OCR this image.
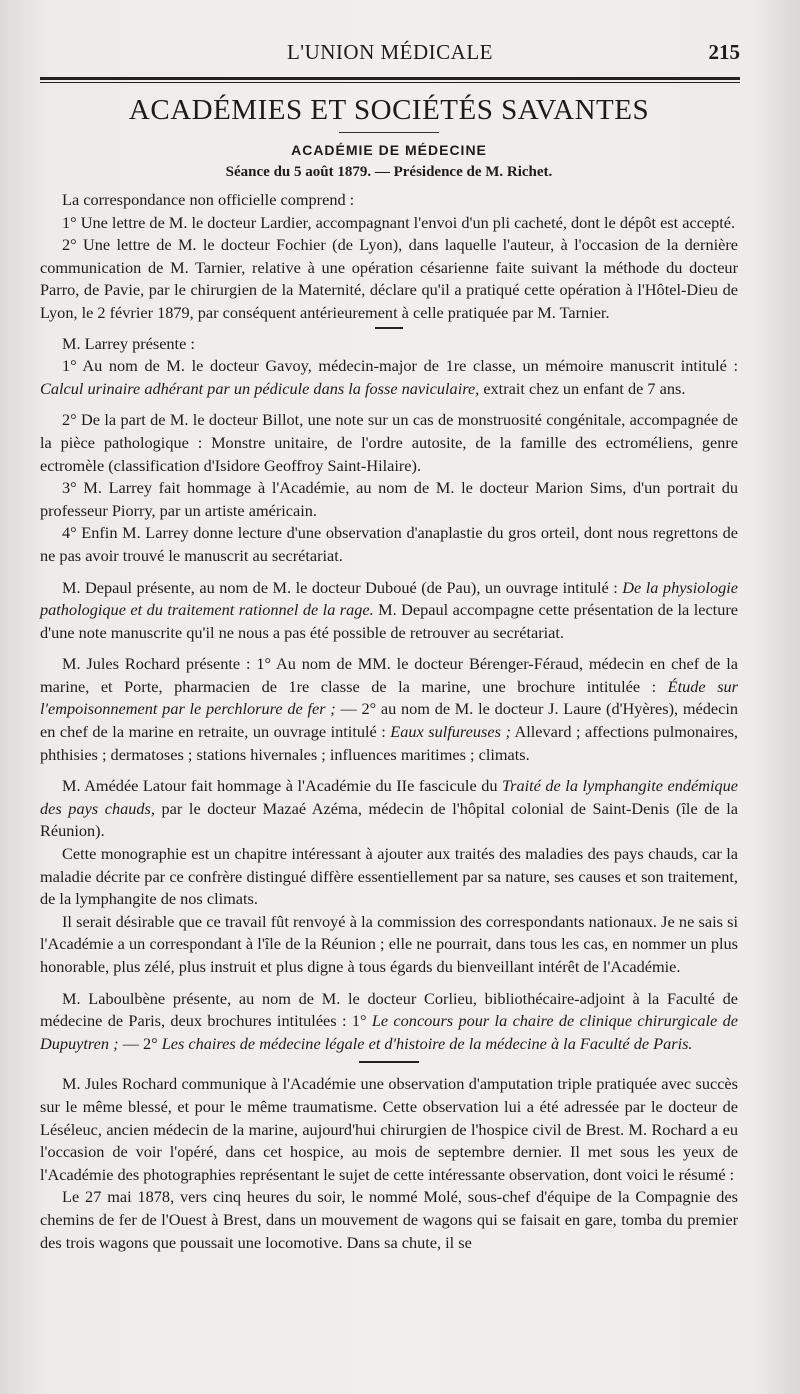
L'UNION MÉDICALE	215
ACADÉMIES ET SOCIÉTÉS SAVANTES
ACADÉMIE DE MÉDECINE
Séance du 5 août 1879. — Présidence de M. Richet.

La correspondance non officielle comprend :

1° Une lettre de M. le docteur Lardier, accompagnant l'envoi d'un pli cacheté, dont le dépôt est accepté.

2° Une lettre de M. le docteur Fochier (de Lyon), dans laquelle l'auteur, à l'occasion de la dernière communication de M. Tarnier, relative à une opération césarienne faite suivant la méthode du docteur Parro, de Pavie, par le chirurgien de la Maternité, déclare qu'il a pratiqué cette opération à l'Hôtel-Dieu de Lyon, le 2 février 1879, par conséquent antérieurement à celle pratiquée par M. Tarnier.

M. Larrey présente :

1° Au nom de M. le docteur Gavoy, médecin-major de 1re classe, un mémoire manuscrit intitulé : Calcul urinaire adhérant par un pédicule dans la fosse naviculaire, extrait chez un enfant de 7 ans.

2° De la part de M. le docteur Billot, une note sur un cas de monstruosité congénitale, accompagnée de la pièce pathologique : Monstre unitaire, de l'ordre autosite, de la famille des ectroméliens, genre ectromèle (classification d'Isidore Geoffroy Saint-Hilaire).

3° M. Larrey fait hommage à l'Académie, au nom de M. le docteur Marion Sims, d'un portrait du professeur Piorry, par un artiste américain.

4° Enfin M. Larrey donne lecture d'une observation d'anaplastie du gros orteil, dont nous regrettons de ne pas avoir trouvé le manuscrit au secrétariat.

M. Depaul présente, au nom de M. le docteur Duboué (de Pau), un ouvrage intitulé : De la physiologie pathologique et du traitement rationnel de la rage. M. Depaul accompagne cette présentation de la lecture d'une note manuscrite qu'il ne nous a pas été possible de retrouver au secrétariat.

M. Jules Rochard présente : 1° Au nom de MM. le docteur Bérenger-Féraud, médecin en chef de la marine, et Porte, pharmacien de 1re classe de la marine, une brochure intitulée : Étude sur l'empoisonnement par le perchlorure de fer ; — 2° au nom de M. le docteur J. Laure (d'Hyères), médecin en chef de la marine en retraite, un ouvrage intitulé : Eaux sulfureuses ; Allevard ; affections pulmonaires, phthisies ; dermatoses ; stations hivernales ; influences maritimes ; climats.

M. Amédée Latour fait hommage à l'Académie du IIe fascicule du Traité de la lymphangite endémique des pays chauds, par le docteur Mazaé Azéma, médecin de l'hôpital colonial de Saint-Denis (île de la Réunion).

Cette monographie est un chapitre intéressant à ajouter aux traités des maladies des pays chauds, car la maladie décrite par ce confrère distingué diffère essentiellement par sa nature, ses causes et son traitement, de la lymphangite de nos climats.

Il serait désirable que ce travail fût renvoyé à la commission des correspondants nationaux. Je ne sais si l'Académie a un correspondant à l'île de la Réunion ; elle ne pourrait, dans tous les cas, en nommer un plus honorable, plus zélé, plus instruit et plus digne à tous égards du bienveillant intérêt de l'Académie.

M. Laboulbène présente, au nom de M. le docteur Corlieu, bibliothécaire-adjoint à la Faculté de médecine de Paris, deux brochures intitulées : 1° Le concours pour la chaire de clinique chirurgicale de Dupuytren ; — 2° Les chaires de médecine légale et d'histoire de la médecine à la Faculté de Paris.

M. Jules Rochard communique à l'Académie une observation d'amputation triple pratiquée avec succès sur le même blessé, et pour le même traumatisme. Cette observation lui a été adressée par le docteur de Léséleuc, ancien médecin de la marine, aujourd'hui chirurgien de l'hospice civil de Brest. M. Rochard a eu l'occasion de voir l'opéré, dans cet hospice, au mois de septembre dernier. Il met sous les yeux de l'Académie des photographies représentant le sujet de cette intéressante observation, dont voici le résumé :

Le 27 mai 1878, vers cinq heures du soir, le nommé Molé, sous-chef d'équipe de la Compagnie des chemins de fer de l'Ouest à Brest, dans un mouvement de wagons qui se faisait en gare, tomba du premier des trois wagons que poussait une locomotive. Dans sa chute, il se
